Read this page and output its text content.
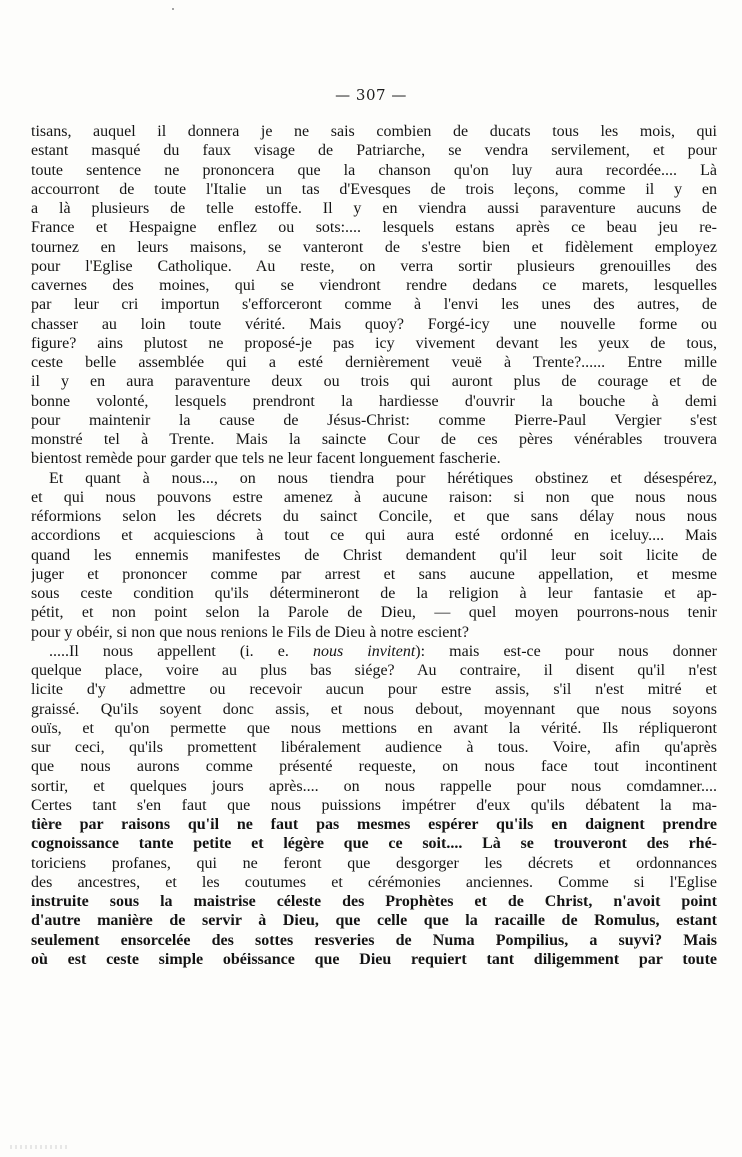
— 307 —
tisans, auquel il donnera je ne sais combien de ducats tous les mois, qui
estant masqué du faux visage de Patriarche, se vendra servilement, et pour
toute sentence ne prononcera que la chanson qu'on luy aura recordée.... Là
accourront de toute l'Italie un tas d'Evesques de trois leçons, comme il y en
a là plusieurs de telle estoffe. Il y en viendra aussi paraventure aucuns de
France et Hespaigne enflez ou sots:.... lesquels estans après ce beau jeu re-
tournez en leurs maisons, se vanteront de s'estre bien et fidèlement employez
pour l'Eglise Catholique. Au reste, on verra sortir plusieurs grenouilles des
cavernes des moines, qui se viendront rendre dedans ce marets, lesquelles
par leur cri importun s'efforceront comme à l'envi les unes des autres, de
chasser au loin toute vérité. Mais quoy? Forgé-icy une nouvelle forme ou
figure? ains plutost ne proposé-je pas icy vivement devant les yeux de tous,
ceste belle assemblée qui a esté dernièrement veuë à Trente?...... Entre mille
il y en aura paraventure deux ou trois qui auront plus de courage et de
bonne volonté, lesquels prendront la hardiesse d'ouvrir la bouche à demi
pour maintenir la cause de Jésus-Christ: comme Pierre-Paul Vergier s'est
monstré tel à Trente. Mais la saincte Cour de ces pères vénérables trouvera
bientost remède pour garder que tels ne leur facent longuement fascherie.
Et quant à nous..., on nous tiendra pour hérétiques obstinez et désespérez,
et qui nous pouvons estre amenez à aucune raison: si non que nous nous
réformions selon les décrets du sainct Concile, et que sans délay nous nous
accordions et acquiescions à tout ce qui aura esté ordonné en iceluy.... Mais
quand les ennemis manifestes de Christ demandent qu'il leur soit licite de
juger et prononcer comme par arrest et sans aucune appellation, et mesme
sous ceste condition qu'ils détermineront de la religion à leur fantasie et ap-
pétit, et non point selon la Parole de Dieu, — quel moyen pourrons-nous tenir
pour y obéir, si non que nous renions le Fils de Dieu à notre escient?
.....Il nous appellent (i. e. nous invitent): mais est-ce pour nous donner
quelque place, voire au plus bas siége? Au contraire, il disent qu'il n'est
licite d'y admettre ou recevoir aucun pour estre assis, s'il n'est mitré et
graissé. Qu'ils soyent donc assis, et nous debout, moyennant que nous soyons
ouïs, et qu'on permette que nous mettions en avant la vérité. Ils répliqueront
sur ceci, qu'ils promettent libéralement audience à tous. Voire, afin qu'après
que nous aurons comme présenté requeste, on nous face tout incontinent
sortir, et quelques jours après.... on nous rappelle pour nous comdamner....
Certes tant s'en faut que nous puissions impétrer d'eux qu'ils débatent la ma-
tière par raisons qu'il ne faut pas mesmes espérer qu'ils en daignent prendre
cognoissance tante petite et légère que ce soit.... Là se trouveront des rhé-
toriciens profanes, qui ne feront que desgorger les décrets et ordonnances
des ancestres, et les coutumes et cérémonies anciennes. Comme si l'Eglise
instruite sous la maistrise céleste des Prophètes et de Christ, n'avoit point
d'autre manière de servir à Dieu, que celle que la racaille de Romulus, estant
seulement ensorcelée des sottes resveries de Numa Pompilius, a suyvi? Mais
où est ceste simple obéissance que Dieu requiert tant diligemment par toute
